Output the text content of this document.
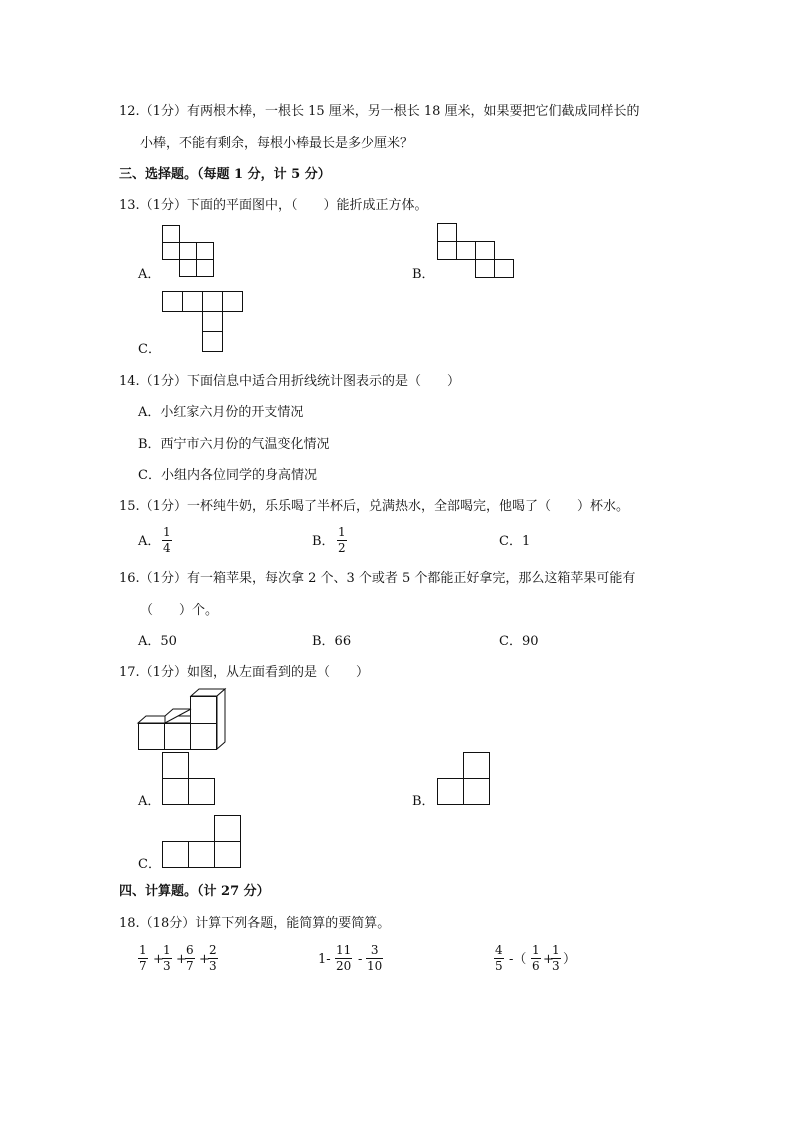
12.（1分）有两根木棒，一根长 15 厘米，另一根长 18 厘米，如果要把它们截成同样长的
小棒，不能有剩余，每根小棒最长是多少厘米？
三、选择题。（每题 1 分，计 5 分）
13.（1分）下面的平面图中，（　　）能折成正方体。
A．	B．
C．
14.（1分）下面信息中适合用折线统计图表示的是（　　）
A．小红家六月份的开支情况
B．西宁市六月份的气温变化情况
C．小组内各位同学的身高情况
15.（1分）一杯纯牛奶，乐乐喝了半杯后，兑满热水，全部喝完，他喝了（　　）杯水。
A．
1
4	B．
1
2	C．1
16.（1分）有一箱苹果，每次拿 2 个、3 个或者 5 个都能正好拿完，那么这箱苹果可能有
（　　）个。
A．50	B．66	C．90
17.（1分）如图，从左面看到的是（　　）
A．	B．
C．
四、计算题。（计 27 分）
18.（18分）计算下列各题，能简算的要简算。
1
7 +
1
3 +
6
7 +
2
3	1-
11
20 -
3
10
4
5 -（
1
6 +
1
3 ）
